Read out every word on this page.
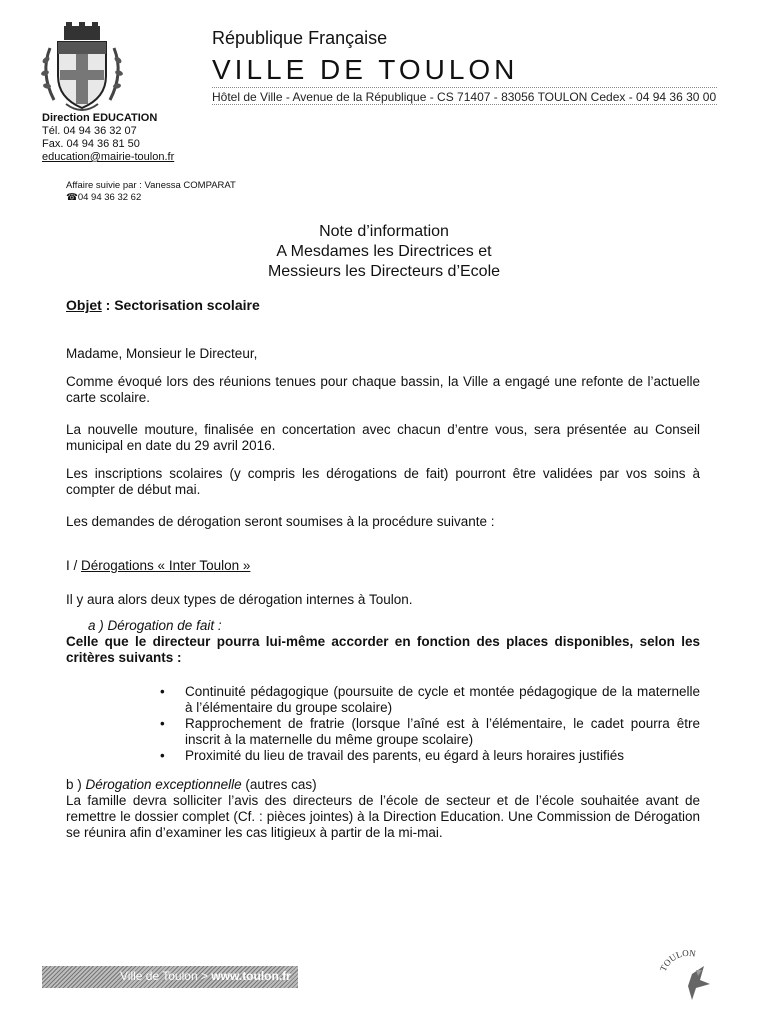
République Française
VILLE DE TOULON
Hôtel de Ville - Avenue de la République - CS 71407 - 83056 TOULON Cedex - 04 94 36 30 00
Direction EDUCATION
Tél. 04 94 36 32 07
Fax. 04 94 36 81 50
education@mairie-toulon.fr
Affaire suivie par : Vanessa COMPARAT
☎04 94 36 32 62
Note d’information
A Mesdames les Directrices et
Messieurs les Directeurs d’Ecole
Objet : Sectorisation scolaire
Madame, Monsieur le Directeur,
Comme évoqué lors des réunions tenues pour chaque bassin, la Ville a engagé une refonte de l’actuelle carte scolaire.
La nouvelle mouture, finalisée en concertation avec chacun d’entre vous, sera présentée au Conseil municipal en date du 29 avril 2016.
Les inscriptions scolaires (y compris les dérogations de fait) pourront être validées par vos soins à compter de début mai.
Les demandes de dérogation seront soumises à la procédure suivante :
I / Dérogations « Inter Toulon »
Il y aura alors deux types de dérogation internes à Toulon.
a ) Dérogation de fait :
Celle que le directeur pourra lui-même accorder en fonction des places disponibles, selon les critères suivants :
• Continuité pédagogique (poursuite de cycle et montée pédagogique de la maternelle à l’élémentaire du groupe scolaire)
• Rapprochement de fratrie (lorsque l’aîné est à l’élémentaire, le cadet pourra être inscrit à la maternelle du même groupe scolaire)
• Proximité du lieu de travail des parents, eu égard à leurs horaires justifiés
b ) Dérogation exceptionnelle (autres cas)
La famille devra solliciter l’avis des directeurs de l’école de secteur et de l’école souhaitée avant de remettre le dossier complet (Cf. : pièces jointes) à la Direction Education. Une Commission de Dérogation se réunira afin d’examiner les cas litigieux à partir de la mi-mai.
Ville de Toulon > www.toulon.fr
TOULON
